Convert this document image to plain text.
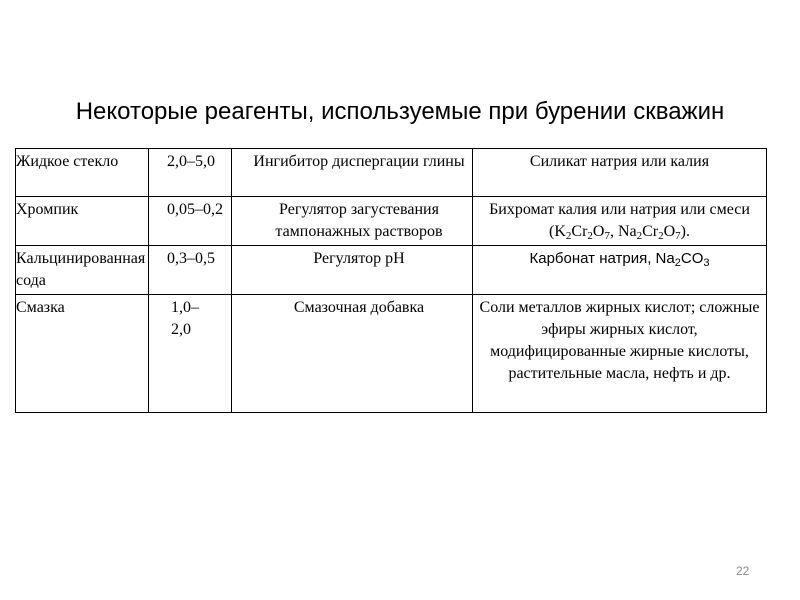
Некоторые реагенты, используемые при бурении скважин
Жидкое стекло	2,0–5,0	Ингибитор диспергации глины	Силикат натрия или калия

Хромпик	0,05–0,2	Регулятор загустевания тампонажных растворов	Бихромат калия или натрия или смеси ($K_2Cr_2O_7$, $Na_2Cr_2O_7$).

Кальцинированная сода	0,3–0,5	Регулятор рН	Карбонат натрия, $Na_2CO_3$

Смазка	1,0–2,0	Смазочная добавка	Соли металлов жирных кислот; сложные эфиры жирных кислот, модифицированные жирные кислоты, растительные масла, нефть и др.
22
